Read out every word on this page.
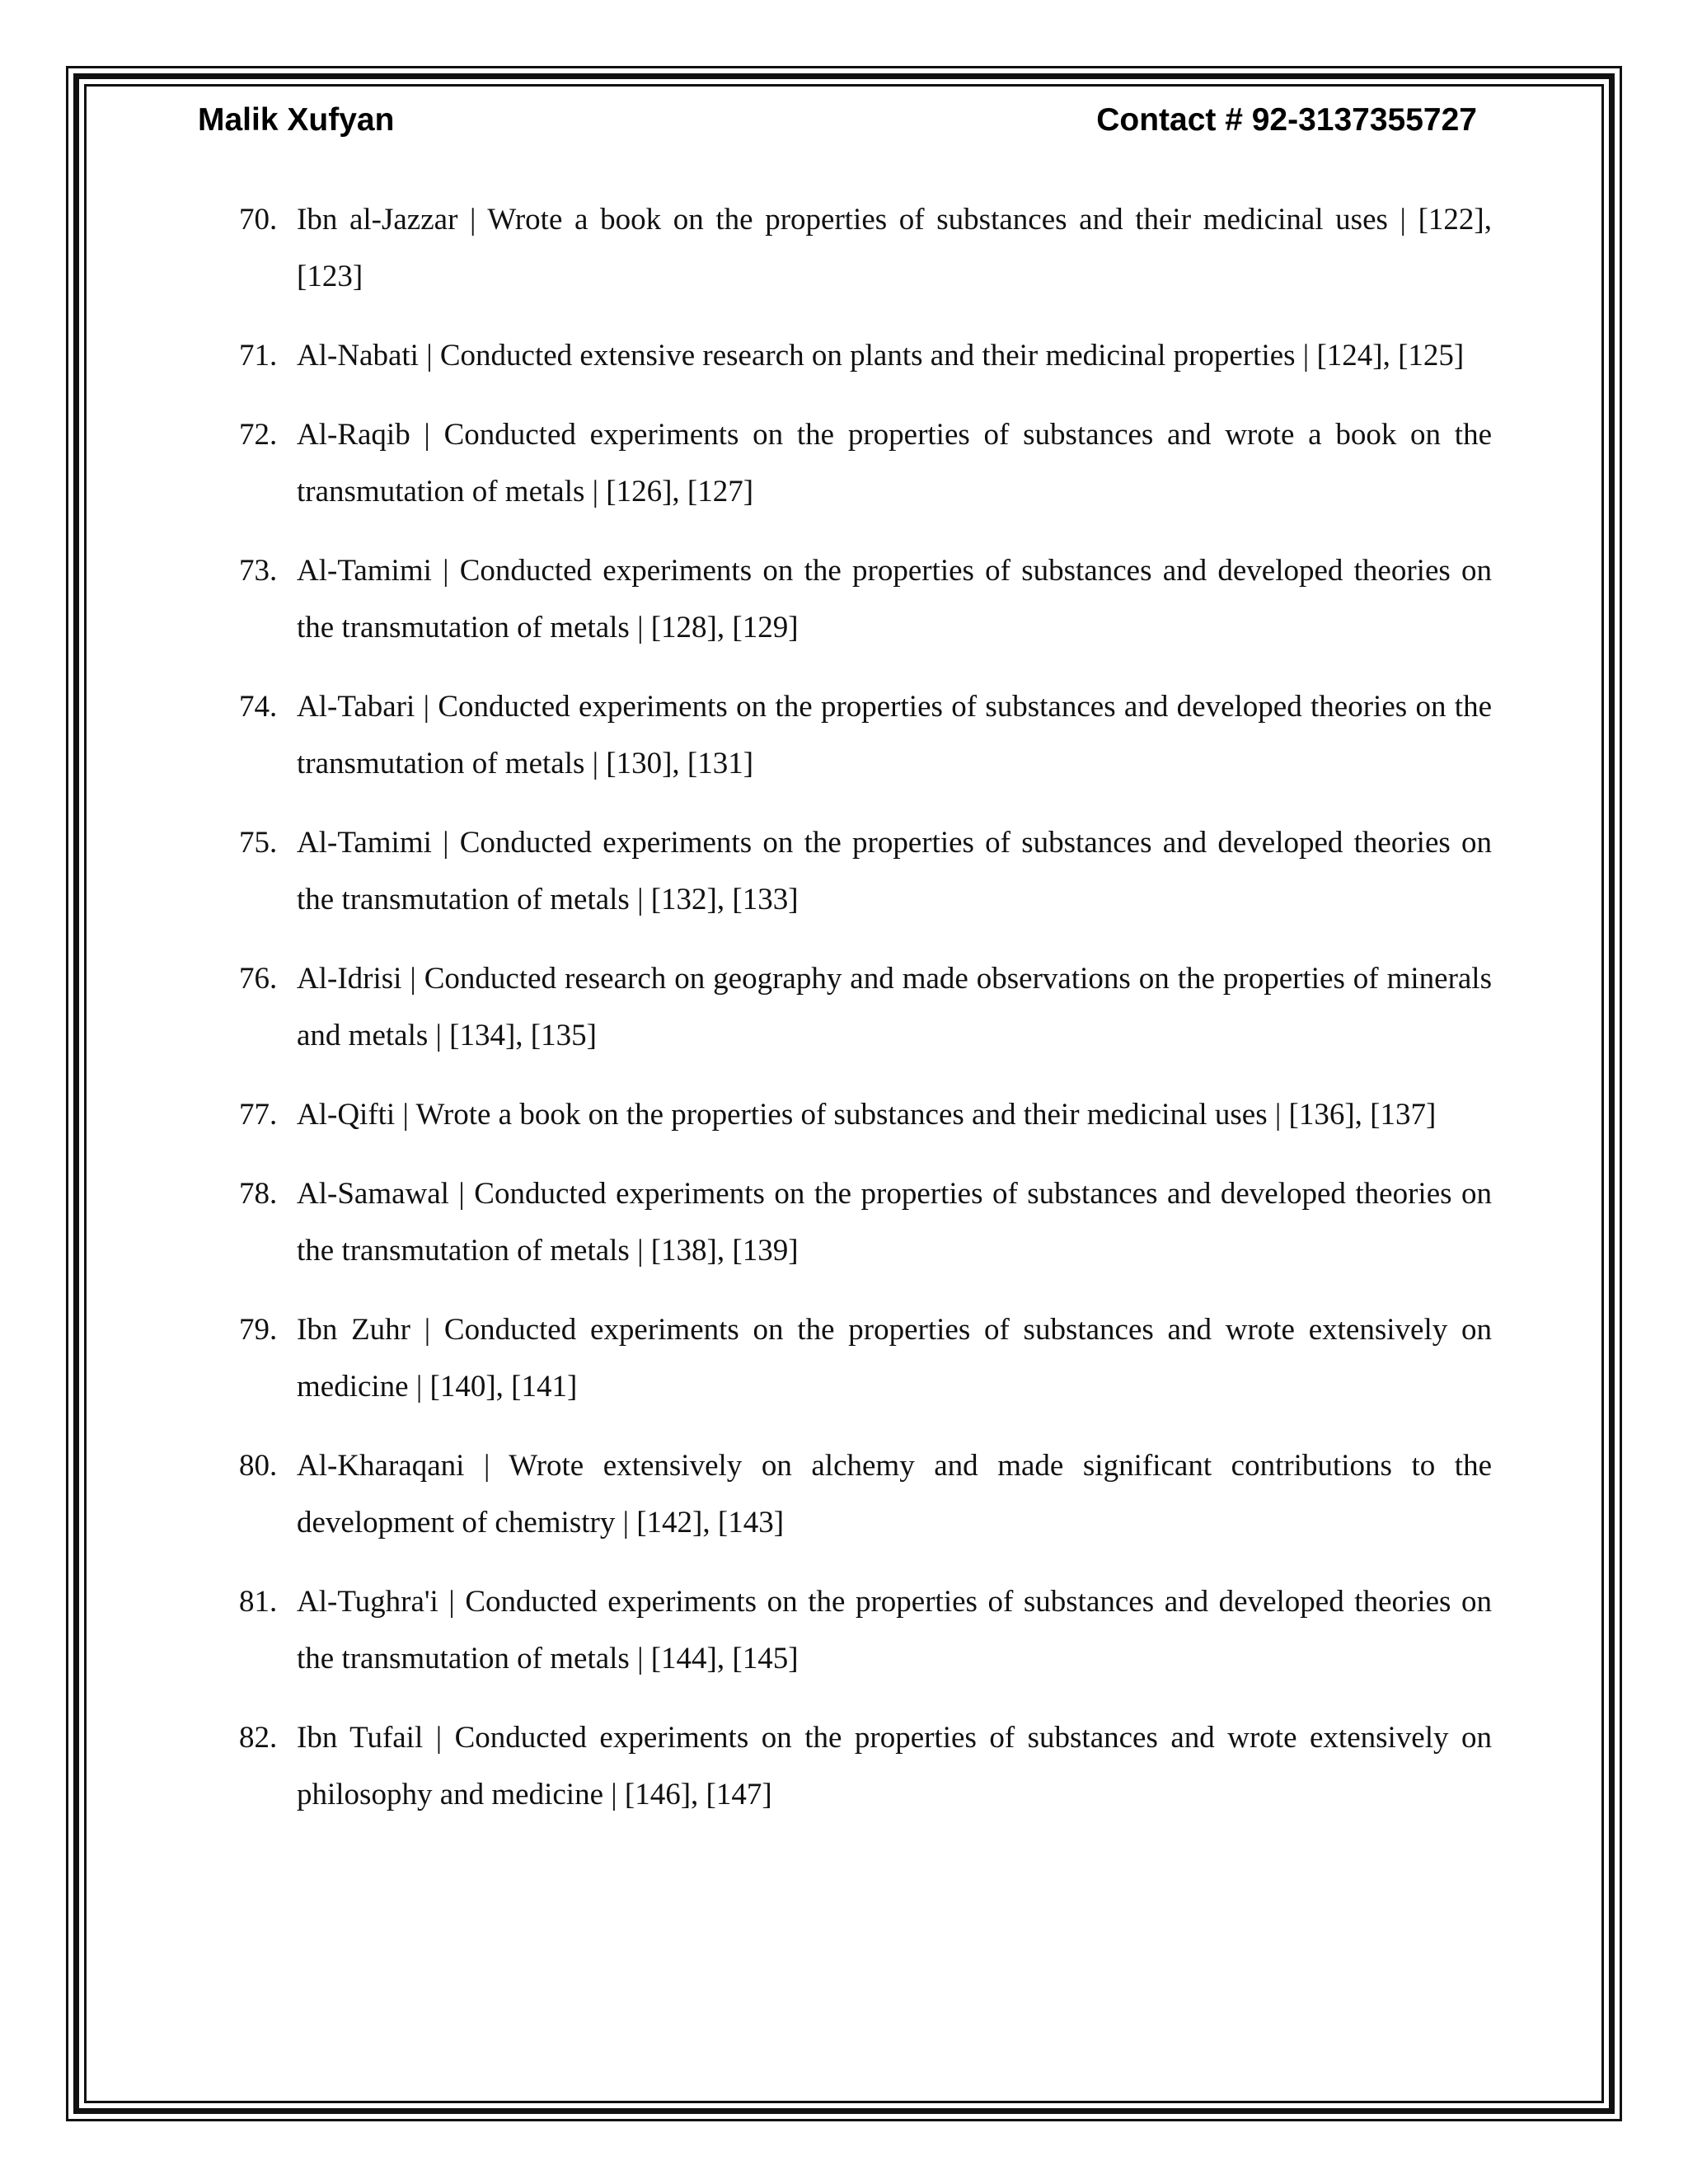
Malik Xufyan	Contact # 92-3137355727
70. Ibn al-Jazzar | Wrote a book on the properties of substances and their medicinal uses | [122], [123]
71. Al-Nabati | Conducted extensive research on plants and their medicinal properties | [124], [125]
72. Al-Raqib | Conducted experiments on the properties of substances and wrote a book on the transmutation of metals | [126], [127]
73. Al-Tamimi | Conducted experiments on the properties of substances and developed theories on the transmutation of metals | [128], [129]
74. Al-Tabari | Conducted experiments on the properties of substances and developed theories on the transmutation of metals | [130], [131]
75. Al-Tamimi | Conducted experiments on the properties of substances and developed theories on the transmutation of metals | [132], [133]
76. Al-Idrisi | Conducted research on geography and made observations on the properties of minerals and metals | [134], [135]
77. Al-Qifti | Wrote a book on the properties of substances and their medicinal uses | [136], [137]
78. Al-Samawal | Conducted experiments on the properties of substances and developed theories on the transmutation of metals | [138], [139]
79. Ibn Zuhr | Conducted experiments on the properties of substances and wrote extensively on medicine | [140], [141]
80. Al-Kharaqani | Wrote extensively on alchemy and made significant contributions to the development of chemistry | [142], [143]
81. Al-Tughra'i | Conducted experiments on the properties of substances and developed theories on the transmutation of metals | [144], [145]
82. Ibn Tufail | Conducted experiments on the properties of substances and wrote extensively on philosophy and medicine | [146], [147]
